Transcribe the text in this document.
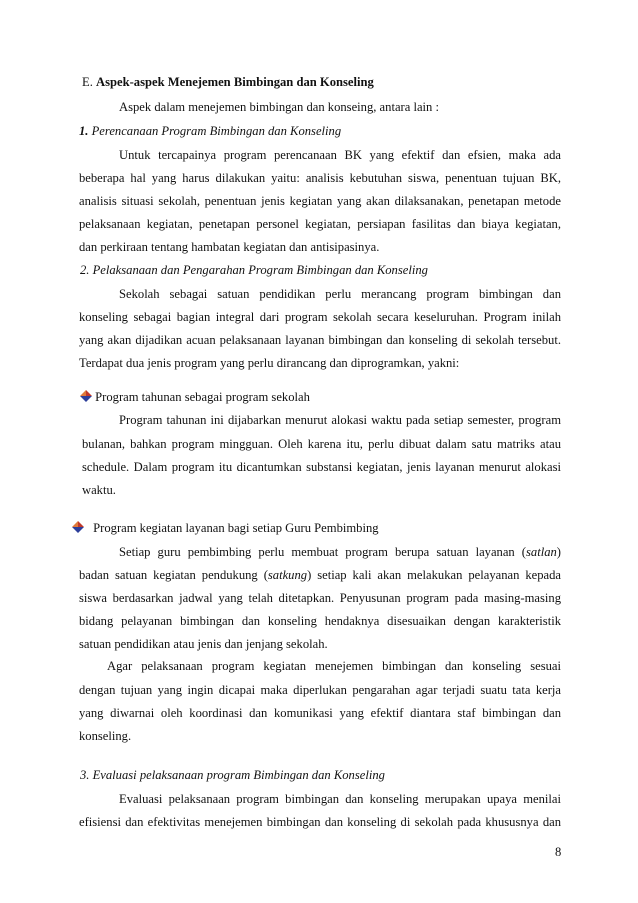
E. Aspek-aspek Menejemen Bimbingan dan Konseling
Aspek dalam menejemen bimbingan dan konseing, antara lain :
1. Perencanaan Program Bimbingan dan Konseling
Untuk tercapainya program perencanaan BK yang efektif dan efsien, maka ada
beberapa hal yang harus dilakukan yaitu: analisis kebutuhan siswa, penentuan tujuan BK,
analisis situasi sekolah, penentuan jenis kegiatan yang akan dilaksanakan, penetapan metode
pelaksanaan kegiatan, penetapan personel kegiatan, persiapan fasilitas dan biaya kegiatan,
dan perkiraan tentang hambatan kegiatan dan antisipasinya.
2. Pelaksanaan dan Pengarahan Program Bimbingan dan Konseling
Sekolah sebagai satuan pendidikan perlu merancang program bimbingan dan
konseling sebagai bagian integral dari program sekolah secara keseluruhan. Program inilah
yang akan dijadikan acuan pelaksanaan layanan bimbingan dan konseling di sekolah tersebut.
Terdapat dua jenis program yang perlu dirancang dan diprogramkan, yakni:
Program tahunan sebagai program sekolah
Program tahunan ini dijabarkan menurut alokasi waktu pada setiap semester, program
bulanan, bahkan program mingguan. Oleh karena itu, perlu dibuat dalam satu matriks atau
schedule. Dalam program itu dicantumkan substansi kegiatan, jenis layanan menurut alokasi
waktu.
Program kegiatan layanan bagi setiap Guru Pembimbing
Setiap guru pembimbing perlu membuat program berupa satuan layanan (satlan)
badan satuan kegiatan pendukung (satkung) setiap kali akan melakukan pelayanan kepada
siswa berdasarkan jadwal yang telah ditetapkan. Penyusunan program pada masing-masing
bidang pelayanan bimbingan dan konseling hendaknya disesuaikan dengan karakteristik
satuan pendidikan atau jenis dan jenjang sekolah.
Agar pelaksanaan program kegiatan menejemen bimbingan dan konseling sesuai
dengan tujuan yang ingin dicapai maka diperlukan pengarahan agar terjadi suatu tata kerja
yang diwarnai oleh koordinasi dan komunikasi yang efektif diantara staf bimbingan dan
konseling.
3. Evaluasi pelaksanaan program Bimbingan dan Konseling
Evaluasi pelaksanaan program bimbingan dan konseling merupakan upaya menilai
efisiensi dan efektivitas menejemen bimbingan dan konseling di sekolah pada khususnya dan
8
